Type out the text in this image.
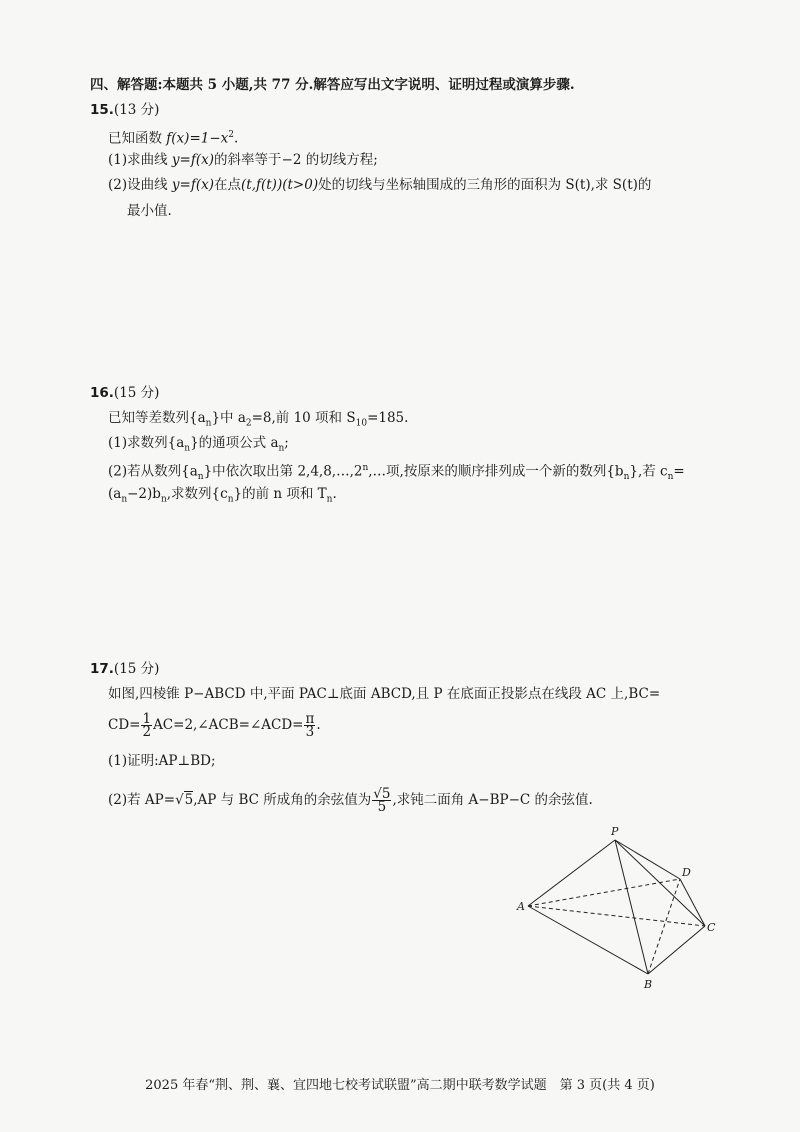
四、解答题:本题共 5 小题,共 77 分.解答应写出文字说明、证明过程或演算步骤.
15.(13 分)
已知函数 $f(x)=1-x^2$.
(1)求曲线 y=f(x)的斜率等于−2 的切线方程;
(2)设曲线 y=f(x)在点(t,f(t))(t>0)处的切线与坐标轴围成的三角形的面积为 S(t),求 S(t)的
最小值.
16.(15 分)
已知等差数列$\{a_n\}$中 $a_2=8$,前 10 项和 $S_{10}=185$.
(1)求数列$\{a_n\}$的通项公式 $a_n$;
(2)若从数列$\{a_n\}$中依次取出第 2,4,8,…,2$^n$,…项,按原来的顺序排列成一个新的数列$\{b_n\}$,若 $c_n=$
$(a_n-2)b_n$,求数列$\{c_n\}$的前 n 项和 $T_n$.
17.(15 分)
如图,四棱锥 P−ABCD 中,平面 PAC⊥底面 ABCD,且 P 在底面正投影点在线段 AC 上,BC=
$CD= \frac{1}{2}$ AC=2,∠ACB=∠ACD= $\frac{\pi}{3}$ .
(1)证明:AP⊥BD;
(2)若 AP=√5,AP 与 BC 所成角的余弦值为 $\frac{√5}{5}$ ,求钝二面角 A−BP−C 的余弦值.
P
D
A
C
B
2025 年春“荆、荆、襄、宜四地七校考试联盟”高二期中联考数学试题　第 3 页(共 4 页)
